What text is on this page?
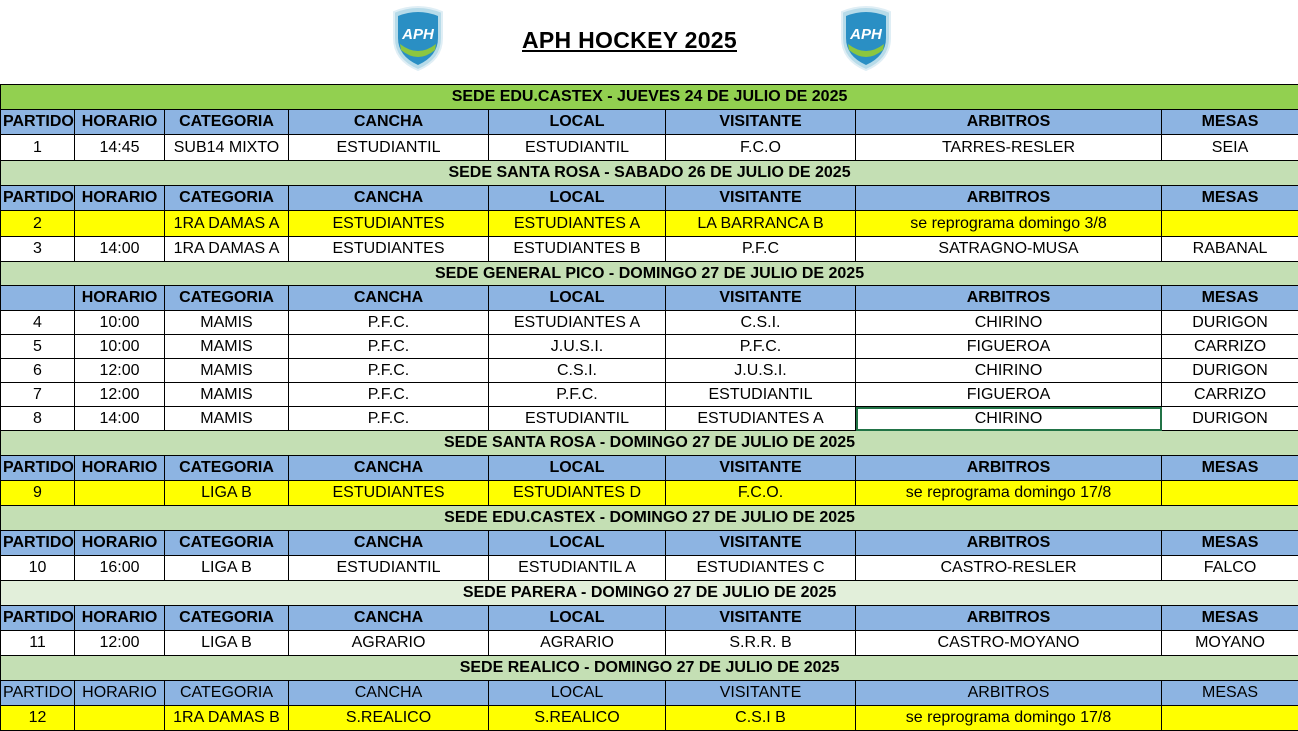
APH	APH HOCKEY 2025	APH
SEDE EDU.CASTEX - JUEVES 24 DE JULIO DE 2025							
PARTIDO	HORARIO	CATEGORIA	CANCHA	LOCAL	VISITANTE	ARBITROS	MESAS
1	14:45	SUB14 MIXTO	ESTUDIANTIL	ESTUDIANTIL	F.C.O	TARRES-RESLER	SEIA
SEDE SANTA ROSA - SABADO 26 DE JULIO DE 2025							
PARTIDO	HORARIO	CATEGORIA	CANCHA	LOCAL	VISITANTE	ARBITROS	MESAS
2		1RA DAMAS A	ESTUDIANTES	ESTUDIANTES A	LA BARRANCA B	se reprograma domingo 3/8	
3	14:00	1RA DAMAS A	ESTUDIANTES	ESTUDIANTES B	P.F.C	SATRAGNO-MUSA	RABANAL
SEDE GENERAL PICO - DOMINGO 27 DE JULIO DE 2025							
	HORARIO	CATEGORIA	CANCHA	LOCAL	VISITANTE	ARBITROS	MESAS
4	10:00	MAMIS	P.F.C.	ESTUDIANTES A	C.S.I.	CHIRINO	DURIGON
5	10:00	MAMIS	P.F.C.	J.U.S.I.	P.F.C.	FIGUEROA	CARRIZO
6	12:00	MAMIS	P.F.C.	C.S.I.	J.U.S.I.	CHIRINO	DURIGON
7	12:00	MAMIS	P.F.C.	P.F.C.	ESTUDIANTIL	FIGUEROA	CARRIZO
8	14:00	MAMIS	P.F.C.	ESTUDIANTIL	ESTUDIANTES A	CHIRINO	DURIGON
SEDE SANTA ROSA - DOMINGO 27 DE JULIO DE 2025							
PARTIDO	HORARIO	CATEGORIA	CANCHA	LOCAL	VISITANTE	ARBITROS	MESAS
9		LIGA B	ESTUDIANTES	ESTUDIANTES D	F.C.O.	se reprograma domingo 17/8	
SEDE EDU.CASTEX - DOMINGO 27 DE JULIO DE 2025							
PARTIDO	HORARIO	CATEGORIA	CANCHA	LOCAL	VISITANTE	ARBITROS	MESAS
10	16:00	LIGA B	ESTUDIANTIL	ESTUDIANTIL A	ESTUDIANTES C	CASTRO-RESLER	FALCO
SEDE PARERA - DOMINGO 27 DE JULIO DE 2025							
PARTIDO	HORARIO	CATEGORIA	CANCHA	LOCAL	VISITANTE	ARBITROS	MESAS
11	12:00	LIGA B	AGRARIO	AGRARIO	S.R.R. B	CASTRO-MOYANO	MOYANO
SEDE REALICO - DOMINGO 27 DE JULIO DE 2025							
PARTIDO	HORARIO	CATEGORIA	CANCHA	LOCAL	VISITANTE	ARBITROS	MESAS
12		1RA DAMAS B	S.REALICO	S.REALICO	C.S.I B	se reprograma domingo 17/8	
